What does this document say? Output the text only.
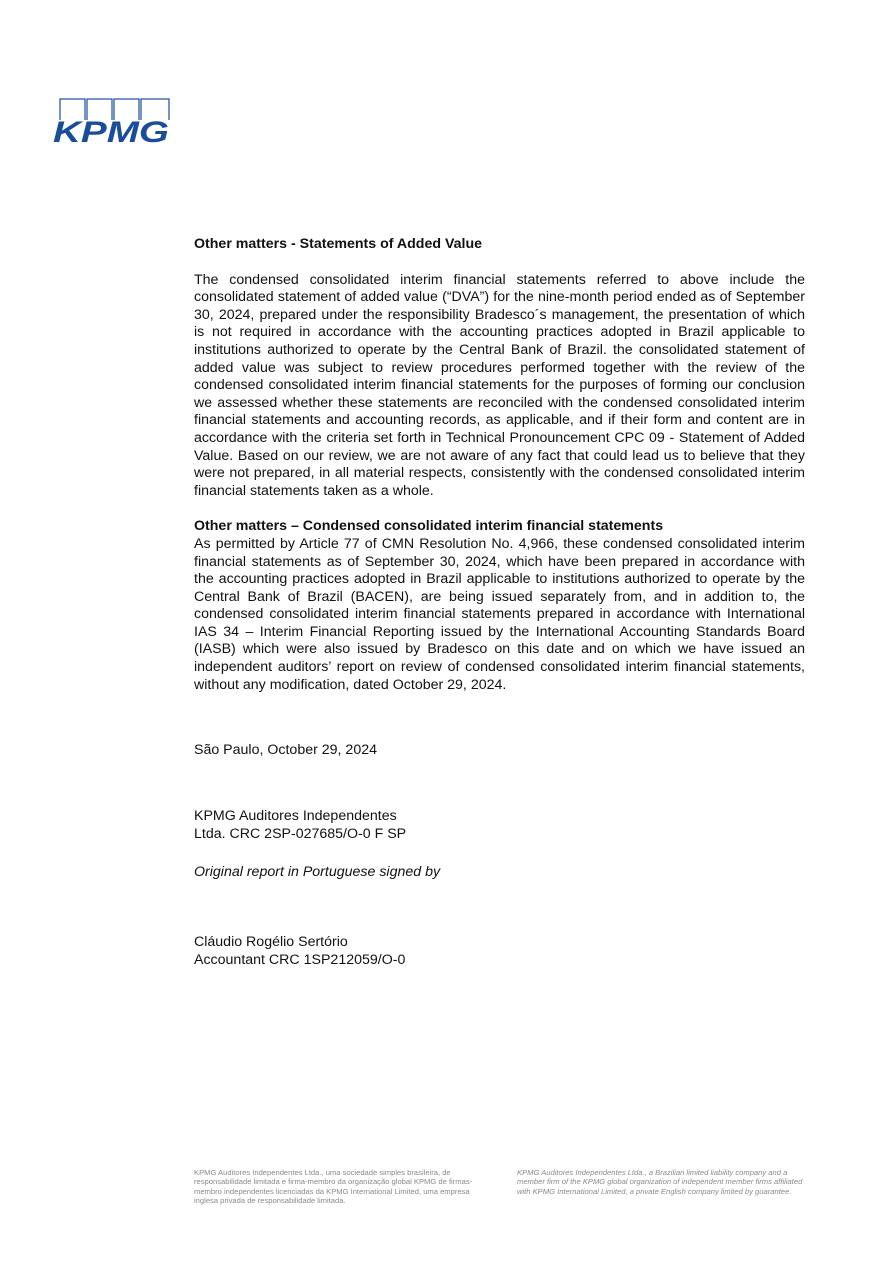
KPMG
Other matters - Statements of Added Value

The condensed consolidated interim financial statements referred to above include the consolidated statement of added value (“DVA”) for the nine-month period ended as of September 30, 2024, prepared under the responsibility Bradesco´s management, the presentation of which is not required in accordance with the accounting practices adopted in Brazil applicable to institutions authorized to operate by the Central Bank of Brazil. the consolidated statement of added value was subject to review procedures performed together with the review of the condensed consolidated interim financial statements for the purposes of forming our conclusion we assessed whether these statements are reconciled with the condensed consolidated interim financial statements and accounting records, as applicable, and if their form and content are in accordance with the criteria set forth in Technical Pronouncement CPC 09 - Statement of Added Value. Based on our review, we are not aware of any fact that could lead us to believe that they were not prepared, in all material respects, consistently with the condensed consolidated interim financial statements taken as a whole.

Other matters – Condensed consolidated interim financial statements

As permitted by Article 77 of CMN Resolution No. 4,966, these condensed consolidated interim financial statements as of September 30, 2024, which have been prepared in accordance with the accounting practices adopted in Brazil applicable to institutions authorized to operate by the Central Bank of Brazil (BACEN), are being issued separately from, and in addition to, the condensed consolidated interim financial statements prepared in accordance with International IAS 34 – Interim Financial Reporting issued by the International Accounting Standards Board (IASB) which were also issued by Bradesco on this date and on which we have issued an independent auditors’ report on review of condensed consolidated interim financial statements, without any modification, dated October 29, 2024.

São Paulo, October 29, 2024
KPMG Auditores Independentes
Ltda. CRC 2SP-027685/O-0 F SP
Original report in Portuguese signed by
Cláudio Rogélio Sertório
Accountant CRC 1SP212059/O-0
KPMG Auditores Independentes Ltda., uma sociedade simples brasileira, de responsabilidade limitada e firma-membro da organização global KPMG de firmas-membro independentes licenciadas da KPMG International Limited, uma empresa inglesa privada de responsabilidade limitada.
KPMG Auditores Independentes Ltda., a Brazilian limited liability company and a member firm of the KPMG global organization of independent member firms affiliated with KPMG International Limited, a private English company limited by guarantee.
